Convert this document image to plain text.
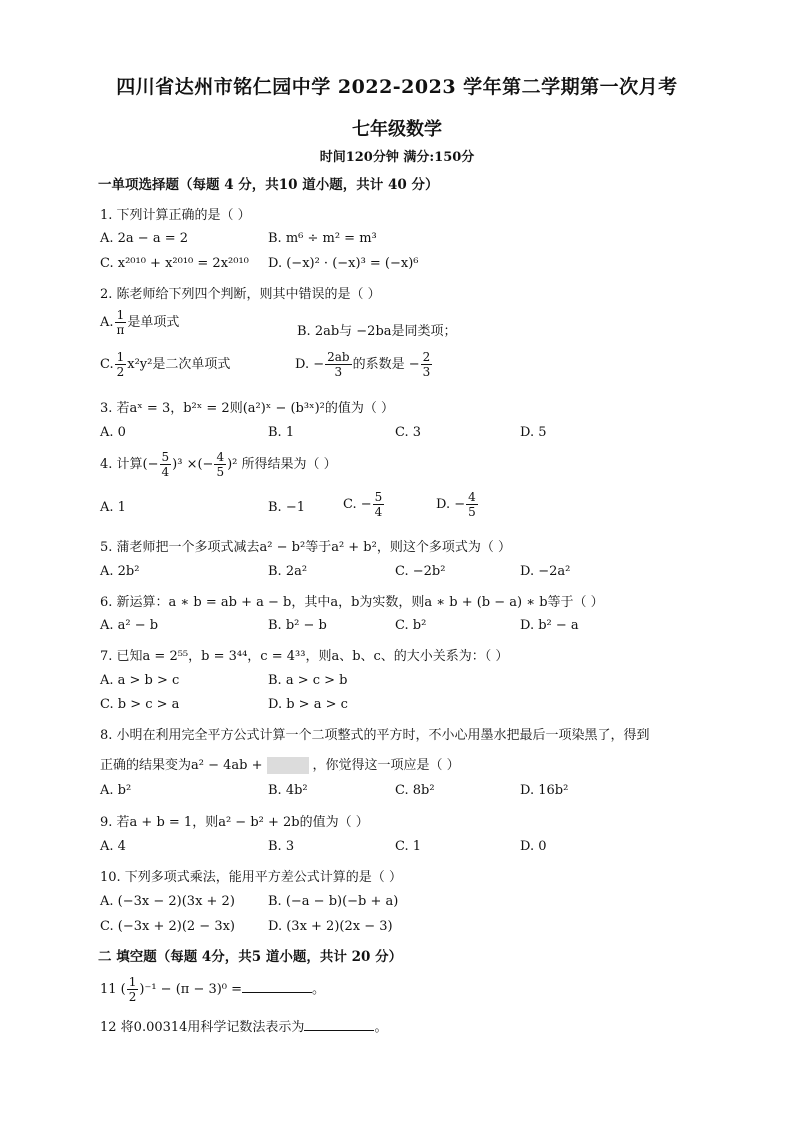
四川省达州市铭仁园中学 2022-2023 学年第二学期第一次月考
七年级数学
时间120分钟 满分:150分
一单项选择题（每题 4 分，共10 道小题，共计 40 分）
1. 下列计算正确的是（ ）
A. 2a − a = 2	B. m⁶ ÷ m² = m³
C. x²⁰¹⁰ + x²⁰¹⁰ = 2x²⁰¹⁰ D. (−x)² · (−x)³ = (−x)⁶
2. 陈老师给下列四个判断，则其中错误的是（ ）
A. $\frac{1}{\pi}$ 是单项式
B. 2ab与 −2ba是同类项；
C. $\frac{1}{2} x^2y^2$是二次单项式	D. − $\frac{2ab}{3}$ 的系数是 − $\frac{2}{3}$
3. 若aˣ = 3，b²ˣ = 2则(a²)ˣ − (b³ˣ)²的值为（ ）
A. 0	B. 1	C. 3	D. 5
4. 计算(− $\frac{5}{4} )^3$ ×(− $\frac{4}{5} )^2$ 所得结果为（ ）
A. 1	B. −1	C. − $\frac{5}{4}$	D. − $\frac{4}{5}$
5. 蒲老师把一个多项式减去a² − b²等于a² + b²，则这个多项式为（ ）
A. 2b²	B. 2a²	C. −2b²	D. −2a²
6. 新运算：a ∗ b = ab + a − b，其中a，b为实数，则a ∗ b + (b − a) ∗ b等于（ ）
A. a² − b	B. b² − b	C. b²	D. b² − a
7. 已知a = 2⁵⁵，b = 3⁴⁴，c = 4³³，则a、b、c、的大小关系为：（ ）
A. a > b > c	B. a > c > b
C. b > c > a	D. b > a > c
8. 小明在利用完全平方公式计算一个二项整式的平方时，不小心用墨水把最后一项染黑了，得到
正确的结果变为a² − 4ab +	，你觉得这一项应是（ ）
A. b²	B. 4b²	C. 8b²	D. 16b²
9. 若a + b = 1，则a² − b² + 2b的值为（ ）
A. 4	B. 3	C. 1	D. 0
10. 下列多项式乘法，能用平方差公式计算的是（ ）
A. (−3x − 2)(3x + 2)	B. (−a − b)(−b + a)
C. (−3x + 2)(2 − 3x)	D. (3x + 2)(2x − 3)
二 填空题（每题 4分，共5 道小题，共计 20 分）
11 ( $\frac{1}{2} )^{-1} - (\pi - 3)^0$ =	。
12 将0.00314用科学记数法表示为	。
